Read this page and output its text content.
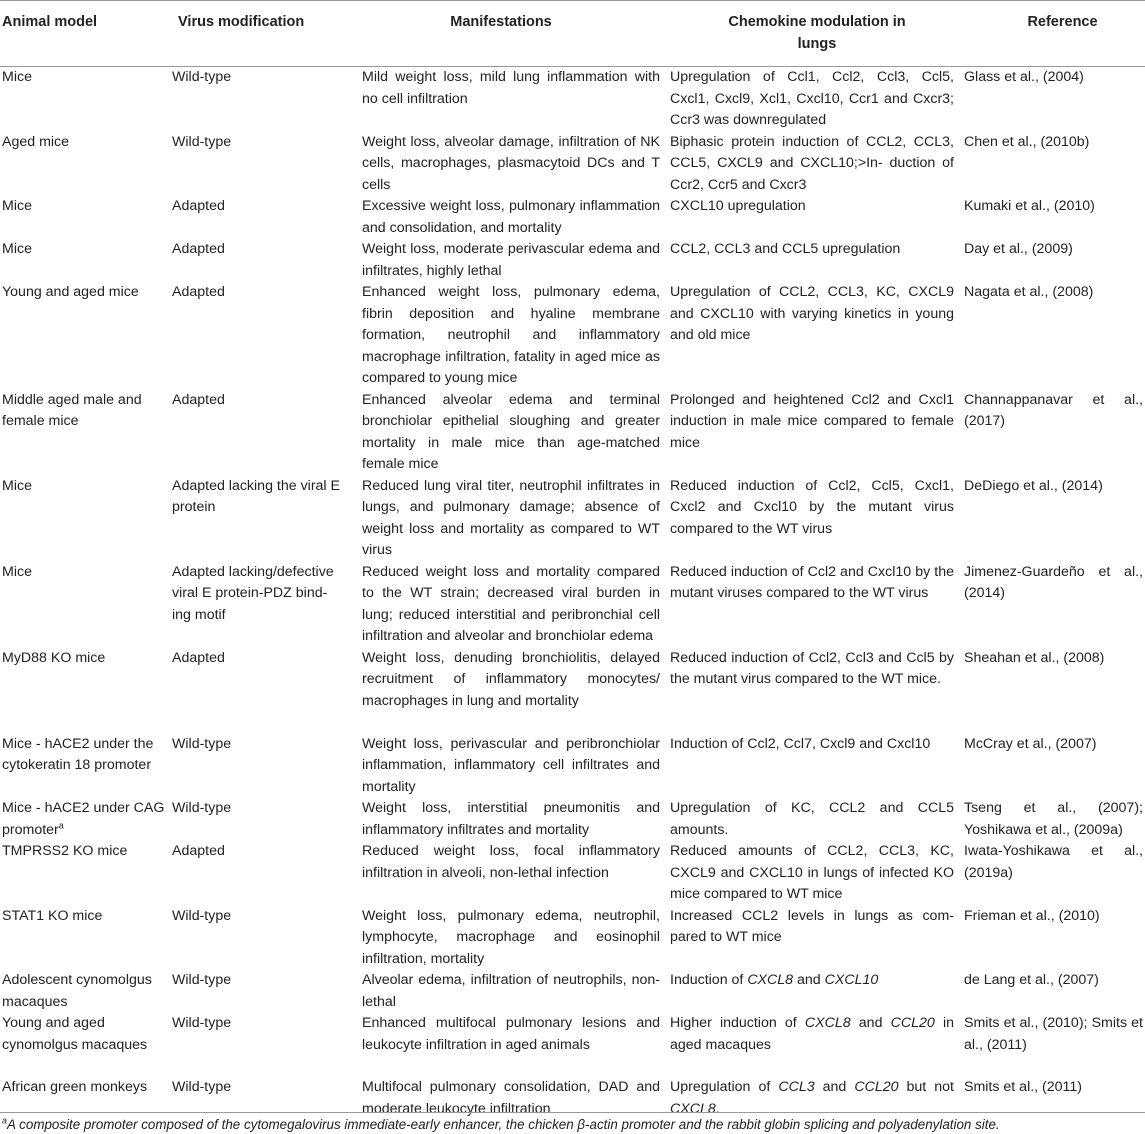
Animal model	Virus modification	Manifestations	Chemokine modulation in lungs	Reference
Mice	Wild-type	Mild weight loss, mild lung inflammation with no cell infiltration	Upregulation of Ccl1, Ccl2, Ccl3, Ccl5, Cxcl1, Cxcl9, Xcl1, Cxcl10, Ccr1 and Cxcr3; Ccr3 was downregulated	Glass et al., (2004)
Aged mice	Wild-type	Weight loss, alveolar damage, infiltration of NK cells, macrophages, plasmacytoid DCs and T cells	Biphasic protein induction of CCL2, CCL3, CCL5, CXCL9 and CXCL10;>In- duction of Ccr2, Ccr5 and Cxcr3	Chen et al., (2010b)
Mice	Adapted	Excessive weight loss, pulmonary inflammation and consolidation, and mortality	CXCL10 upregulation	Kumaki et al., (2010)
Mice	Adapted	Weight loss, moderate perivascular edema and infiltrates, highly lethal	CCL2, CCL3 and CCL5 upregulation	Day et al., (2009)
Young and aged mice	Adapted	Enhanced weight loss, pulmonary edema, fibrin deposition and hyaline membrane formation, neutrophil and inflammatory macrophage infiltration, fatality in aged mice as compared to young mice	Upregulation of CCL2, CCL3, KC, CXCL9 and CXCL10 with varying kinetics in young and old mice	Nagata et al., (2008)
Middle aged male and female mice	Adapted	Enhanced alveolar edema and terminal bronchiolar epithelial sloughing and greater mortality in male mice than age-matched female mice	Prolonged and heightened Ccl2 and Cxcl1 induction in male mice compared to female mice	Channappanavar et al., (2017)
Mice	Adapted lacking the viral E protein	Reduced lung viral titer, neutrophil infiltrates in lungs, and pulmonary damage; absence of weight loss and mortality as compared to WT virus	Reduced induction of Ccl2, Ccl5, Cxcl1, Cxcl2 and Cxcl10 by the mutant virus compared to the WT virus	DeDiego et al., (2014)
Mice	Adapted lacking/defective viral E protein-PDZ bind- ing motif	Reduced weight loss and mortality compared to the WT strain; decreased viral burden in lung; reduced interstitial and peribronchial cell infiltration and alveolar and bronchiolar edema	Reduced induction of Ccl2 and Cxcl10 by the mutant viruses compared to the WT virus	Jimenez-Guardeño et al., (2014)
MyD88 KO mice	Adapted	Weight loss, denuding bronchiolitis, delayed recruitment of inflammatory monocytes/ macrophages in lung and mortality	Reduced induction of Ccl2, Ccl3 and Ccl5 by the mutant virus compared to the WT mice.	Sheahan et al., (2008)
Mice - hACE2 under the cytokeratin 18 promoter	Wild-type	Weight loss, perivascular and peribronchiolar inflammation, inflammatory cell infiltrates and mortality	Induction of Ccl2, Ccl7, Cxcl9 and Cxcl10	McCray et al., (2007)
Mice - hACE2 under CAG promoter$^a$	Wild-type	Weight loss, interstitial pneumonitis and inflammatory infiltrates and mortality	Upregulation of KC, CCL2 and CCL5 amounts.	Tseng et al., (2007); Yoshikawa et al., (2009a)
TMPRSS2 KO mice	Adapted	Reduced weight loss, focal inflammatory infiltration in alveoli, non-lethal infection	Reduced amounts of CCL2, CCL3, KC, CXCL9 and CXCL10 in lungs of infected KO mice compared to WT mice	Iwata-Yoshikawa et al., (2019a)
STAT1 KO mice	Wild-type	Weight loss, pulmonary edema, neutrophil, lymphocyte, macrophage and eosinophil infiltration, mortality	Increased CCL2 levels in lungs as com- pared to WT mice	Frieman et al., (2010)
Adolescent cynomolgus macaques	Wild-type	Alveolar edema, infiltration of neutrophils, non-lethal	Induction of CXCL8 and CXCL10	de Lang et al., (2007)
Young and aged cynomolgus macaques	Wild-type	Enhanced multifocal pulmonary lesions and leukocyte infiltration in aged animals	Higher induction of CXCL8 and CCL20 in aged macaques	Smits et al., (2010); Smits et al., (2011)
African green monkeys	Wild-type	Multifocal pulmonary consolidation, DAD and moderate leukocyte infiltration	Upregulation of CCL3 and CCL20 but not CXCL8.	Smits et al., (2011)
$^a$A composite promoter composed of the cytomegalovirus immediate-early enhancer, the chicken β-actin promoter and the rabbit globin splicing and polyadenylation site.
